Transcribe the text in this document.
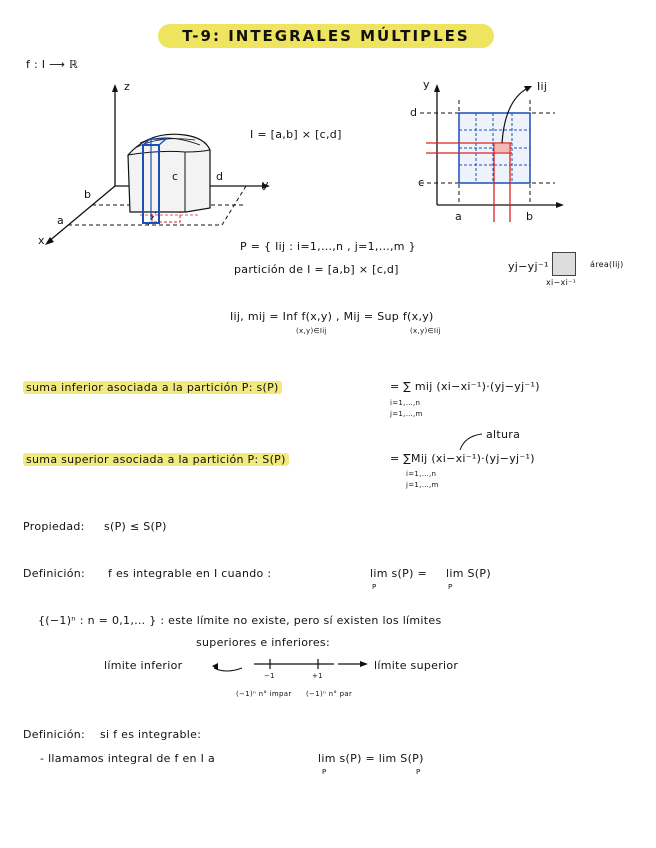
T-9: INTEGRALES MÚLTIPLES
f : I ⟶ ℝ
z
y
x
a
b
c	d
I = [a,b] × [c,d]
y
d
c
a	b
Iij
P = { Iij : i=1,…,n , j=1,…,m }
partición de I = [a,b] × [c,d]	yj−yj⁻¹
xi−xi⁻¹
área(Iij)
Iij, mij = Inf f(x,y) , Mij = Sup f(x,y)
(x,y)∈Iij	(x,y)∈Iij
suma inferior asociada a la partición P: s(P)	= ∑ mij (xi−xi⁻¹)·(yj−yj⁻¹)
i=1,…,n
j=1,…,m
altura
suma superior asociada a la partición P: S(P)	= ∑Mij (xi−xi⁻¹)·(yj−yj⁻¹)
i=1,…,n
j=1,…,m
Propiedad: s(P) ≤ S(P)
Definición: f es integrable en I cuando :	lim s(P) = lim S(P)
P	P
{(−1)ⁿ : n = 0,1,… } : este límite no existe, pero sí existen los límites
superiores e inferiores:
límite inferior	límite superior
−1	+1
(−1)ⁿ n° impar (−1)ⁿ n° par
Definición: si f es integrable:
- llamamos integral de f en I a	lim s(P) = lim S(P)
P	P
